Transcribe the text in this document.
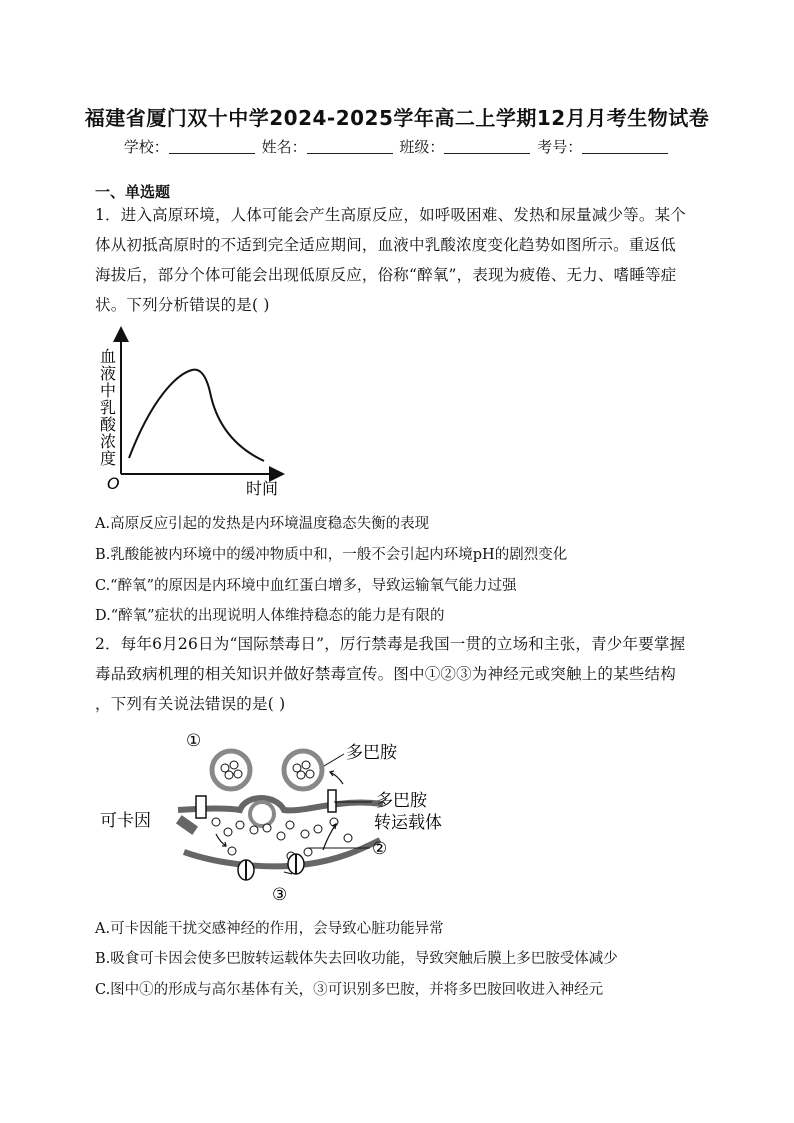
福建省厦门双十中学2024-2025学年高二上学期12月月考生物试卷
学校：	姓名：	班级：	考号：
一、单选题
1．进入高原环境，人体可能会产生高原反应，如呼吸困难、发热和尿量减少等。某个
体从初抵高原时的不适到完全适应期间，血液中乳酸浓度变化趋势如图所示。重返低
海拔后，部分个体可能会出现低原反应，俗称“醉氧”，表现为疲倦、无力、嗜睡等症
状。下列分析错误的是( )
血液中乳酸浓度
O	时间
A.高原反应引起的发热是内环境温度稳态失衡的表现
B.乳酸能被内环境中的缓冲物质中和，一般不会引起内环境pH的剧烈变化
C.“醉氧”的原因是内环境中血红蛋白增多，导致运输氧气能力过强
D.“醉氧”症状的出现说明人体维持稳态的能力是有限的
2．每年6月26日为“国际禁毒日”，厉行禁毒是我国一贯的立场和主张，青少年要掌握
毒品致病机理的相关知识并做好禁毒宣传。图中①②③为神经元或突触上的某些结构
，下列有关说法错误的是( )
①
多巴胺
多巴胺
转运载体
②
③
可卡因
A.可卡因能干扰交感神经的作用，会导致心脏功能异常
B.吸食可卡因会使多巴胺转运载体失去回收功能，导致突触后膜上多巴胺受体减少
C.图中①的形成与高尔基体有关，③可识别多巴胺，并将多巴胺回收进入神经元
